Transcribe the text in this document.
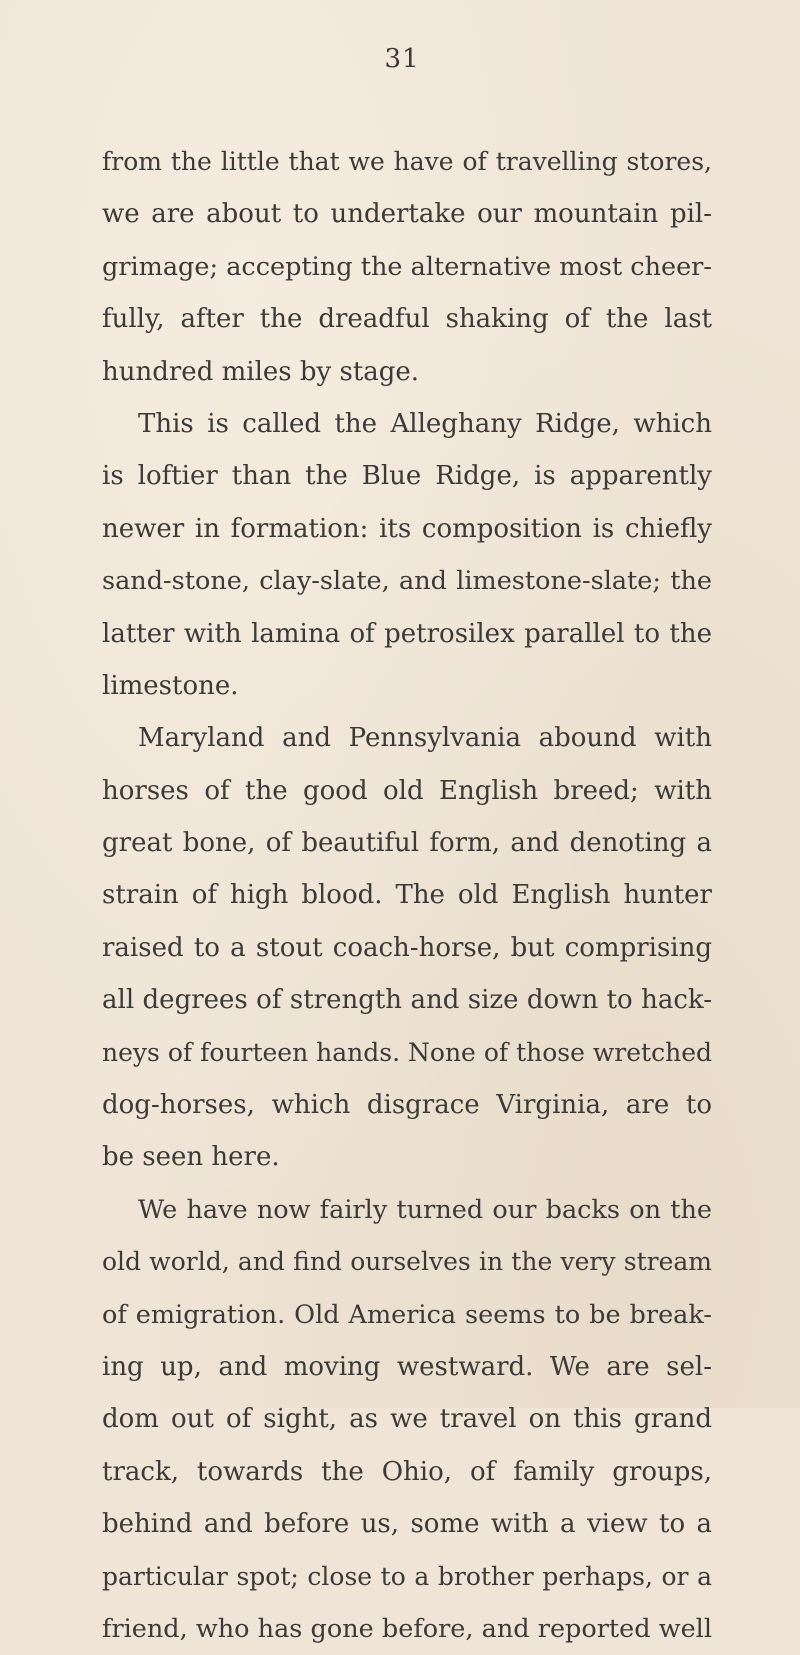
31
from the little that we have of travelling stores,
we are about to undertake our mountain pil-
grimage; accepting the alternative most cheer-
fully, after the dreadful shaking of the last
hundred miles by stage.
This is called the Alleghany Ridge, which
is loftier than the Blue Ridge, is apparently
newer in formation: its composition is chiefly
sand-stone, clay-slate, and limestone-slate; the
latter with lamina of petrosilex parallel to the
limestone.
Maryland and Pennsylvania abound with
horses of the good old English breed; with
great bone, of beautiful form, and denoting a
strain of high blood. The old English hunter
raised to a stout coach-horse, but comprising
all degrees of strength and size down to hack-
neys of fourteen hands. None of those wretched
dog-horses, which disgrace Virginia, are to
be seen here.
We have now fairly turned our backs on the
old world, and find ourselves in the very stream
of emigration. Old America seems to be break-
ing up, and moving westward. We are sel-
dom out of sight, as we travel on this grand
track, towards the Ohio, of family groups,
behind and before us, some with a view to a
particular spot; close to a brother perhaps, or a
friend, who has gone before, and reported well
